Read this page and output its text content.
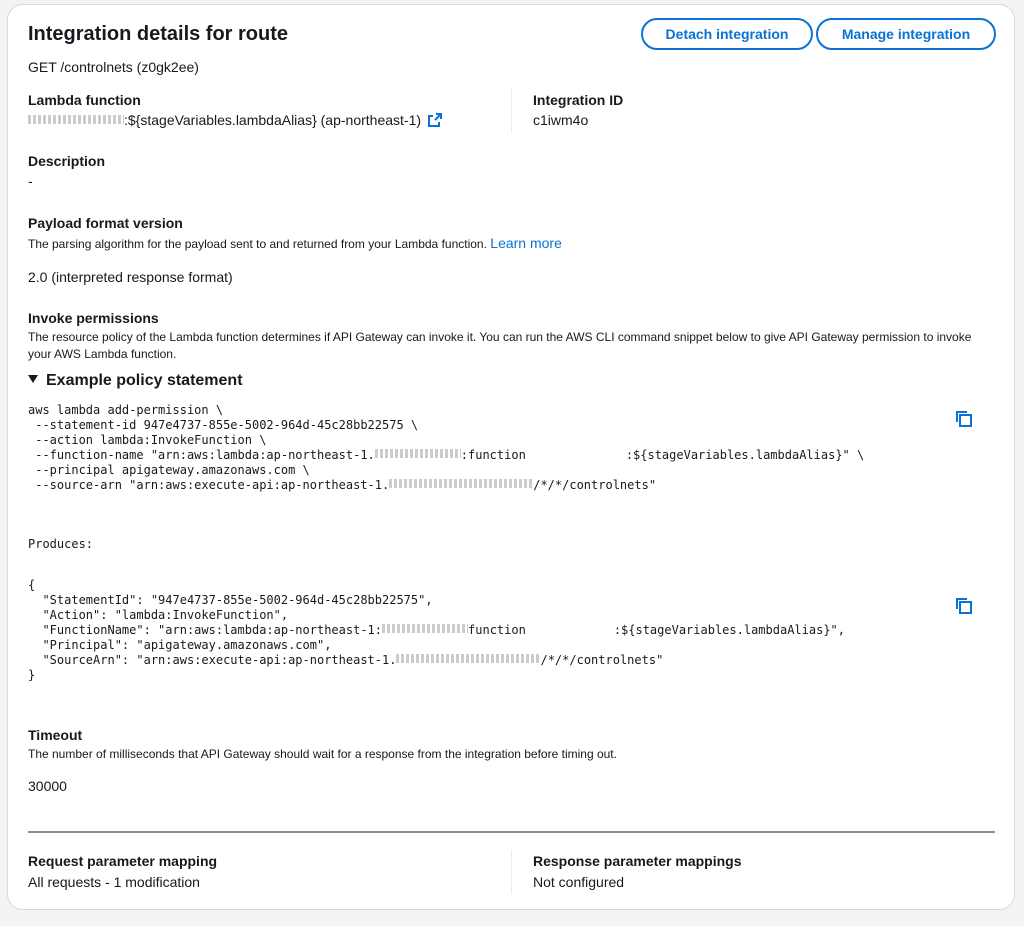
Integration details for route
GET /controlnets (z0gk2ee)
Detach integration	Manage integration
Lambda function
:${stageVariables.lambdaAlias} (ap-northeast-1)
Integration ID
c1iwm4o
Description
-
Payload format version
The parsing algorithm for the payload sent to and returned from your Lambda function. Learn more
2.0 (interpreted response format)
Invoke permissions
The resource policy of the Lambda function determines if API Gateway can invoke it. You can run the AWS CLI command snippet below to give API Gateway permission to invoke your AWS Lambda function.
Example policy statement
aws lambda add-permission \
--statement-id 947e4737-855e-5002-964d-45c28bb22575 \
--action lambda:InvokeFunction \
--function-name "arn:aws:lambda:ap-northeast-1.	:function	:${stageVariables.lambdaAlias}" \
--principal apigateway.amazonaws.com \
--source-arn "arn:aws:execute-api:ap-northeast-1.	/*/*/controlnets"
Produces:
{
"StatementId": "947e4737-855e-5002-964d-45c28bb22575",
"Action": "lambda:InvokeFunction",
"FunctionName": "arn:aws:lambda:ap-northeast-1:	function	:${stageVariables.lambdaAlias}",
"Principal": "apigateway.amazonaws.com",
"SourceArn": "arn:aws:execute-api:ap-northeast-1.	/*/*/controlnets"
}
Timeout
The number of milliseconds that API Gateway should wait for a response from the integration before timing out.
30000
Request parameter mapping
All requests - 1 modification
Response parameter mappings
Not configured
